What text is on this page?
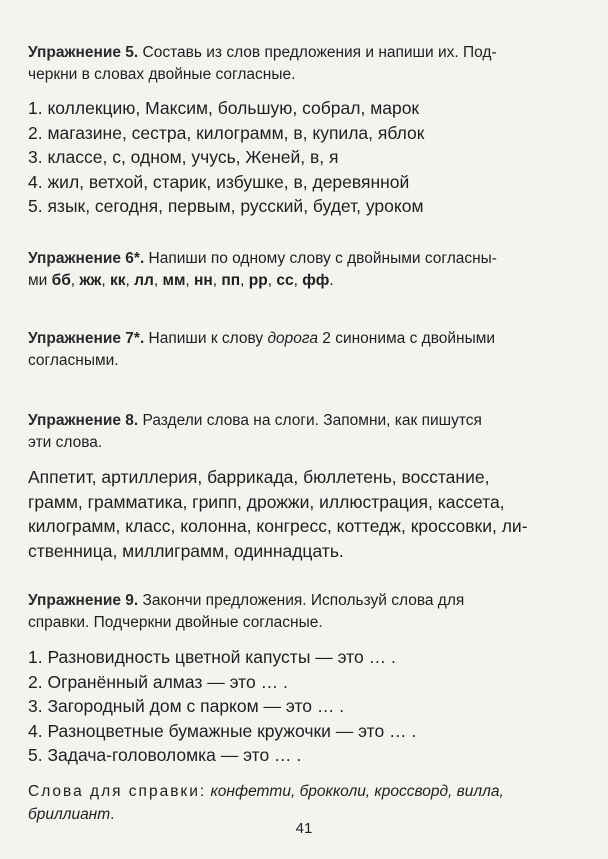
Упражнение 5. Составь из слов предложения и напиши их. Под-
черкни в словах двойные согласные.

1. коллекцию, Максим, большую, собрал, марок
2. магазине, сестра, килограмм, в, купила, яблок
3. классе, с, одном, учусь, Женей, в, я
4. жил, ветхой, старик, избушке, в, деревянной
5. язык, сегодня, первым, русский, будет, уроком

Упражнение 6*. Напиши по одному слову с двойными согласны-
ми бб, жж, кк, лл, мм, нн, пп, рр, сс, фф.

Упражнение 7*. Напиши к слову дорога 2 синонима с двойными
согласными.

Упражнение 8. Раздели слова на слоги. Запомни, как пишутся
эти слова.

Аппетит, артиллерия, баррикада, бюллетень, восстание,
грамм, грамматика, грипп, дрожжи, иллюстрация, кассета,
килограмм, класс, колонна, конгресс, коттедж, кроссовки, ли-
ственница, миллиграмм, одиннадцать.

Упражнение 9. Закончи предложения. Используй слова для
справки. Подчеркни двойные согласные.

1. Разновидность цветной капусты — это … .
2. Огранённый алмаз — это … .
3. Загородный дом с парком — это … .
4. Разноцветные бумажные кружочки — это … .
5. Задача-головоломка — это … .

Слова для справки: конфетти, брокколи, кроссворд, вилла,
бриллиант.

41
